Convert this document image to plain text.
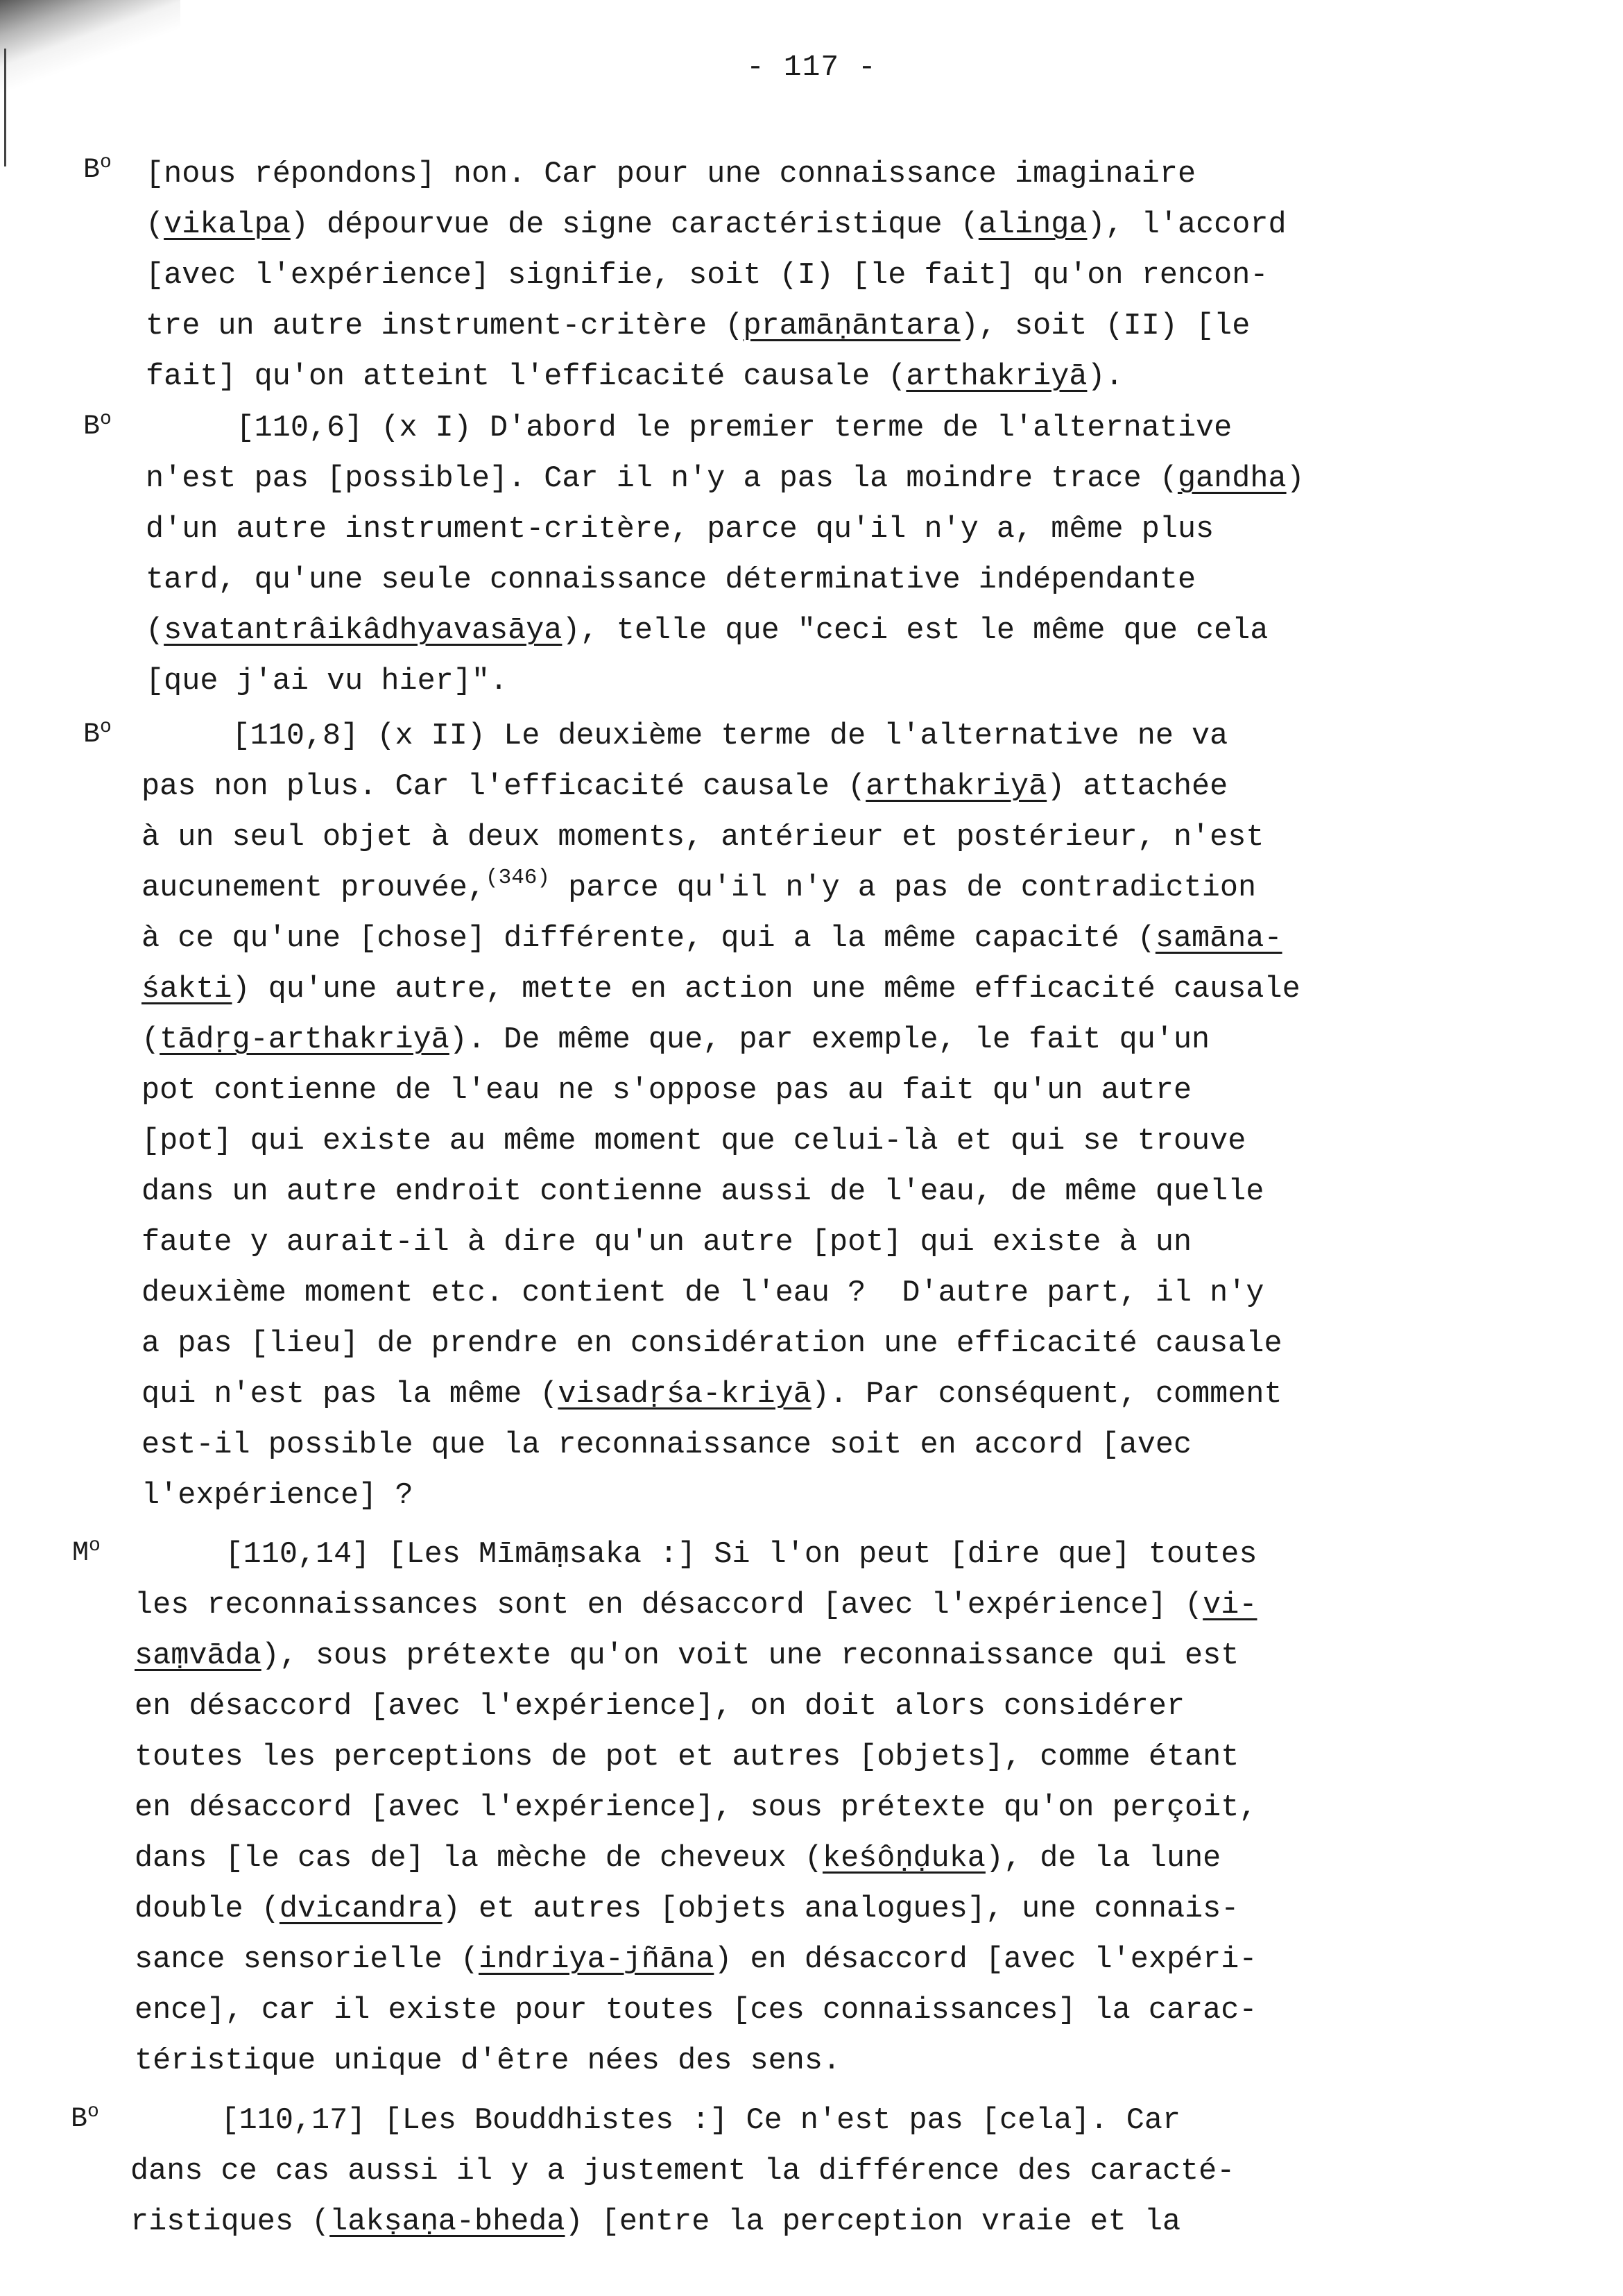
- 117 -
$B^o$ [nous répondons] non. Car pour une connaissance imaginaire
(vikalpa) dépourvue de signe caractéristique (alinga), l'accord
[avec l'expérience] signifie, soit (I) [le fait] qu'on rencon-
tre un autre instrument-critère (pramāṇāntara), soit (II) [le
fait] qu'on atteint l'efficacité causale (arthakriyā).
$B^o$ [110,6] (x I) D'abord le premier terme de l'alternative
n'est pas [possible]. Car il n'y a pas la moindre trace (gandha)
d'un autre instrument-critère, parce qu'il n'y a, même plus
tard, qu'une seule connaissance déterminative indépendante
(svatantrâikâdhyavasāya), telle que "ceci est le même que cela
[que j'ai vu hier]".
$B^o$ [110,8] (x II) Le deuxième terme de l'alternative ne va
pas non plus. Car l'efficacité causale (arthakriyā) attachée
à un seul objet à deux moments, antérieur et postérieur, n'est
aucunement prouvée,$^{(346)}$ parce qu'il n'y a pas de contradiction
à ce qu'une [chose] différente, qui a la même capacité (samāna-
śakti) qu'une autre, mette en action une même efficacité causale
(tādṛg-arthakriyā). De même que, par exemple, le fait qu'un
pot contienne de l'eau ne s'oppose pas au fait qu'un autre
[pot] qui existe au même moment que celui-là et qui se trouve
dans un autre endroit contienne aussi de l'eau, de même quelle
faute y aurait-il à dire qu'un autre [pot] qui existe à un
deuxième moment etc. contient de l'eau ?  D'autre part, il n'y
a pas [lieu] de prendre en considération une efficacité causale
qui n'est pas la même (visadṛśa-kriyā). Par conséquent, comment
est-il possible que la reconnaissance soit en accord [avec
l'expérience] ?
$M^o$ [110,14] [Les Mīmāṃsaka :] Si l'on peut [dire que] toutes
les reconnaissances sont en désaccord [avec l'expérience] (vi-
saṃvāda), sous prétexte qu'on voit une reconnaissance qui est
en désaccord [avec l'expérience], on doit alors considérer
toutes les perceptions de pot et autres [objets], comme étant
en désaccord [avec l'expérience], sous prétexte qu'on perçoit,
dans [le cas de] la mèche de cheveux (keśôṇḍuka), de la lune
double (dvicandra) et autres [objets analogues], une connais-
sance sensorielle (indriya-jñāna) en désaccord [avec l'expéri-
ence], car il existe pour toutes [ces connaissances] la carac-
téristique unique d'être nées des sens.
$B^o$ [110,17] [Les Bouddhistes :] Ce n'est pas [cela]. Car
dans ce cas aussi il y a justement la différence des caracté-
ristiques (lakṣaṇa-bheda) [entre la perception vraie et la
